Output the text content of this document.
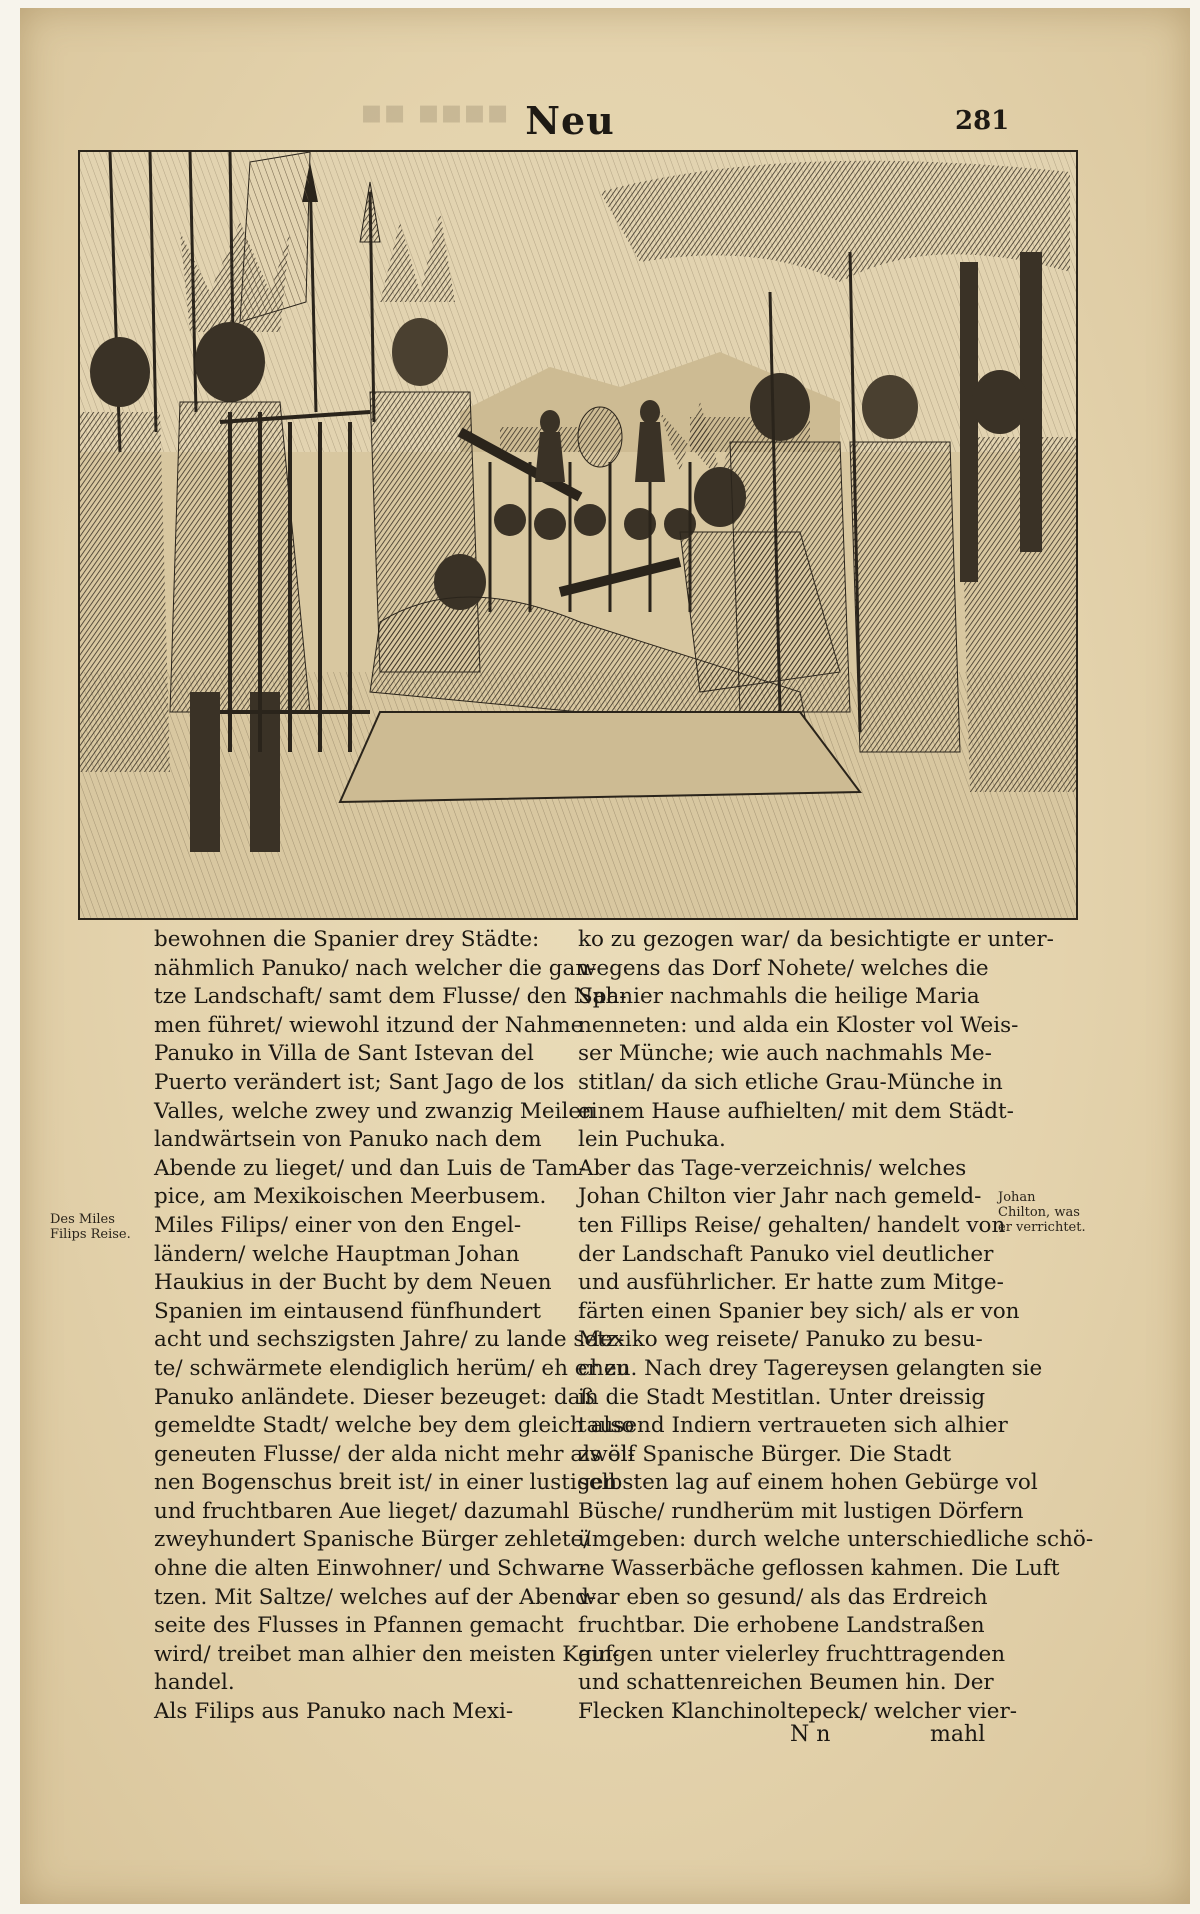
▪▪▪▪ ▪▪ Neu	281
bewohnen die Spanier drey Städte:
nähmlich Panuko/ nach welcher die gan-
tze Landschaft/ samt dem Flusse/ den Nah-
men führet/ wiewohl itzund der Nahme
Panuko in Villa de Sant Istevan del
Puerto verändert ist; Sant Jago de los
Valles, welche zwey und zwanzig Meilen
landwärtsein von Panuko nach dem
Abende zu lieget/ und dan Luis de Tam-
pice, am Mexikoischen Meerbusem.
Miles Filips/ einer von den Engel-
ländern/ welche Hauptman Johan
Haukius in der Bucht by dem Neuen
Spanien im eintausend fünfhundert
acht und sechszigsten Jahre/ zu lande setz-
te/ schwärmete elendiglich herüm/ eh er zu
Panuko anländete. Dieser bezeuget: daß
gemeldte Stadt/ welche bey dem gleich also
geneuten Flusse/ der alda nicht mehr als ei-
nen Bogenschus breit ist/ in einer lustigen
und fruchtbaren Aue lieget/ dazumahl
zweyhundert Spanische Bürger zehlete/
ohne die alten Einwohner/ und Schwar-
tzen. Mit Saltze/ welches auf der Abend-
seite des Flusses in Pfannen gemacht
wird/ treibet man alhier den meisten Kauf-
handel.
Als Filips aus Panuko nach Mexi-
ko zu gezogen war/ da besichtigte er unter-
wegens das Dorf Nohete/ welches die
Spanier nachmahls die heilige Maria
nenneten: und alda ein Kloster vol Weis-
ser Münche; wie auch nachmahls Me-
stitlan/ da sich etliche Grau-Münche in
einem Hause aufhielten/ mit dem Städt-
lein Puchuka.
Aber das Tage-verzeichnis/ welches
Johan Chilton vier Jahr nach gemeld-
ten Fillips Reise/ gehalten/ handelt von
der Landschaft Panuko viel deutlicher
und ausführlicher. Er hatte zum Mitge-
färten einen Spanier bey sich/ als er von
Mexiko weg reisete/ Panuko zu besu-
chen. Nach drey Tagereysen gelangten sie
in die Stadt Mestitlan. Unter dreissig
tausend Indiern vertraueten sich alhier
zwölf Spanische Bürger. Die Stadt
selbsten lag auf einem hohen Gebürge vol
Büsche/ rundherüm mit lustigen Dörfern
ümgeben: durch welche unterschiedliche schö-
ne Wasserbäche geflossen kahmen. Die Luft
war eben so gesund/ als das Erdreich
fruchtbar. Die erhobene Landstraßen
gingen unter vielerley fruchttragenden
und schattenreichen Beumen hin. Der
Flecken Klanchinoltepeck/ welcher vier-
Des Miles Filips Reise.
Johan Chilton, was er verrichtet.
N n	mahl
